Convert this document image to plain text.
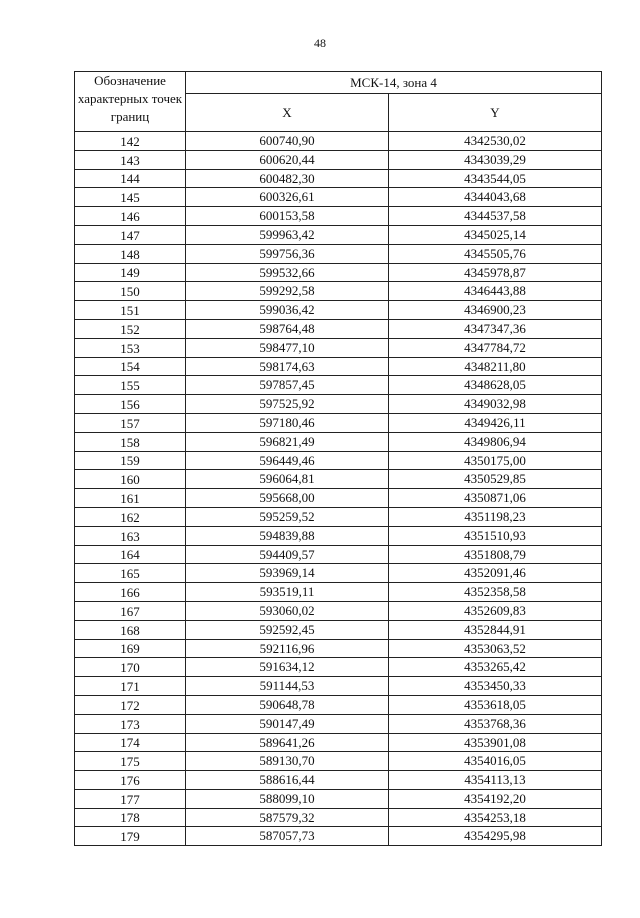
48
Обозначение характерных точек границ	МСК-14, зона 4	
	X	Y
142	600740,90	4342530,02
143	600620,44	4343039,29
144	600482,30	4343544,05
145	600326,61	4344043,68
146	600153,58	4344537,58
147	599963,42	4345025,14
148	599756,36	4345505,76
149	599532,66	4345978,87
150	599292,58	4346443,88
151	599036,42	4346900,23
152	598764,48	4347347,36
153	598477,10	4347784,72
154	598174,63	4348211,80
155	597857,45	4348628,05
156	597525,92	4349032,98
157	597180,46	4349426,11
158	596821,49	4349806,94
159	596449,46	4350175,00
160	596064,81	4350529,85
161	595668,00	4350871,06
162	595259,52	4351198,23
163	594839,88	4351510,93
164	594409,57	4351808,79
165	593969,14	4352091,46
166	593519,11	4352358,58
167	593060,02	4352609,83
168	592592,45	4352844,91
169	592116,96	4353063,52
170	591634,12	4353265,42
171	591144,53	4353450,33
172	590648,78	4353618,05
173	590147,49	4353768,36
174	589641,26	4353901,08
175	589130,70	4354016,05
176	588616,44	4354113,13
177	588099,10	4354192,20
178	587579,32	4354253,18
179	587057,73	4354295,98
